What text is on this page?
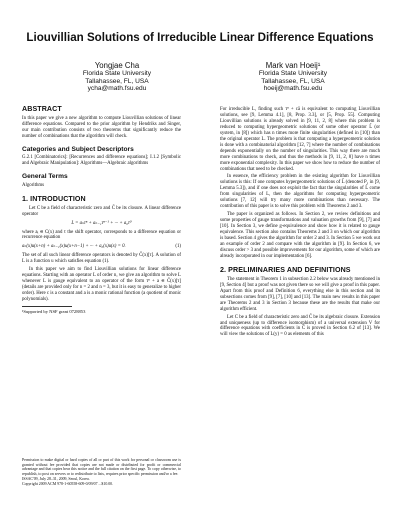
Liouvillian Solutions of Irreducible Linear Difference Equations
Yongjae Cha
Florida State University
Tallahassee, FL, USA
ycha@math.fsu.edu
Mark van Hoeij¹
Florida State University
Tallahassee, FL, USA
hoeij@math.fsu.edu
ABSTRACT

In this paper we give a new algorithm to compute Liouvillian solutions of linear difference equations. Compared to the prior algorithm by Hendriks and Singer, our main contribution consists of two theorems that significantly reduce the number of combinations that the algorithm will check.

Categories and Subject Descriptors

G.2.1 [Combinatorics]: [Recurrences and difference equations]; I.1.2 [Symbolic and Algebraic Manipulation]: Algorithms—Algebraic algorithms

General Terms

Algorithms

1. INTRODUCTION

Let C be a field of characteristic zero and C̄ be its closure. A linear difference operator

L = aₙτⁿ + aₙ₋₁τⁿ⁻¹ + ··· + a₀τ⁰

where aᵢ ∈ C(x) and τ the shift operator, corresponds to a difference equation or recurrence equation

aₙ(x)u(x+n) + aₙ₋₁(x)u(x+n−1) + ··· + a₀(x)u(x) = 0.	(1)

The set of all such linear difference operators is denoted by C̄(x)[τ]. A solution of L is a function u which satisfies equation (1).

In this paper we aim to find Liouvillian solutions for linear difference equations. Starting with an operator L of order n, we give an algorithm to solve L whenever L is gauge equivalent to an operator of the form τⁿ + a ∈ C̄(x)[τ] (details are provided only for n = 2 and n = 3, but it is easy to generalize to higher order). Here c is a constant and a is a monic rational function (a quotient of monic polynomials).

¹Supported by NSF grant 0728853

Permission to make digital or hard copies of all or part of this work for personal or classroom use is granted without fee provided that copies are not made or distributed for profit or commercial advantage and that copies bear this notice and the full citation on the first page. To copy otherwise, to republish, to post on servers or to redistribute to lists, requires prior specific permission and/or a fee.
ISSAC'09, July 28–31, 2009, Seoul, Korea.
Copyright 2009 ACM 978-1-60558-609-0/09/07 ...$10.00.

For irreducible L, finding such τⁿ + cā is equivalent to computing Liouvillian solutions, see [9, Lemma 4.1], [8, Prop. 3.3], or [5, Prop. 55]. Computing Liouvillian solutions is already solved in [9, 11, 2, 8] where this problem is reduced to computing hypergeometric solutions of some other operator L̃ (or system, in [8]) which has n times more finite singularities (defined in [10]) than the original operator L. The problem is that computing a hypergeometric solution is done with a combinatorial algorithm [12, 7] where the number of combinations depends exponentially on the number of singularities. This way there are much more combinations to check, and thus the methods in [9, 11, 2, 8] have n times more exponential complexity. In this paper we show how to reduce the number of combinations that need to be checked.

In essence, the efficiency problem in the existing algorithm for Liouvillian solutions is this: If one computes hypergeometric solutions of L̃ (denoted P₁ in [9, Lemma 5.3]), and if one does not exploit the fact that the singularities of L̃ come from singularities of L, then the algorithms for computing hypergeometric solutions [7, 12] will try many more combinations than necessary. The contribution of this paper is to solve this problem with Theorems 2 and 3.

The paper is organized as follows. In Section 2, we review definitions and some properties of gauge transformations and valuation growths from [9], [7] and [10]. In Section 3, we define g-equivalence and show how it is related to gauge equivalence. This section also contains Theorems 2 and 3 on which our algorithm is based. Section 4 gives the algorithm for order 2 and 3. In Section 5 we work out an example of order 2 and compare with the algorithm in [9]. In Section 6, we discuss order > 3 and possible improvements for our algorithm, some of which are already incorporated in our implementation [6].

2. PRELIMINARIES AND DEFINITIONS

The statement in Theorem 1 in subsection 2.2 below was already mentioned in [9, Section 4] but a proof was not given there so we will give a proof in this paper. Apart from this proof and Definition 6, everything else in this section and its subsections comes from [9], [7], [10] and [13]. The main new results in this paper are Theorems 2 and 3 in Section 3 because these are the results that make our algorithm efficient.

Let C be a field of characteristic zero and C̄ be its algebraic closure. Extension and uniqueness (up to difference isomorphism) of a universal extension V for difference equations with coefficients in C̄ is proved in Section 6.2 of [13]. We will view the solutions of L(y) = 0 as elements of this
